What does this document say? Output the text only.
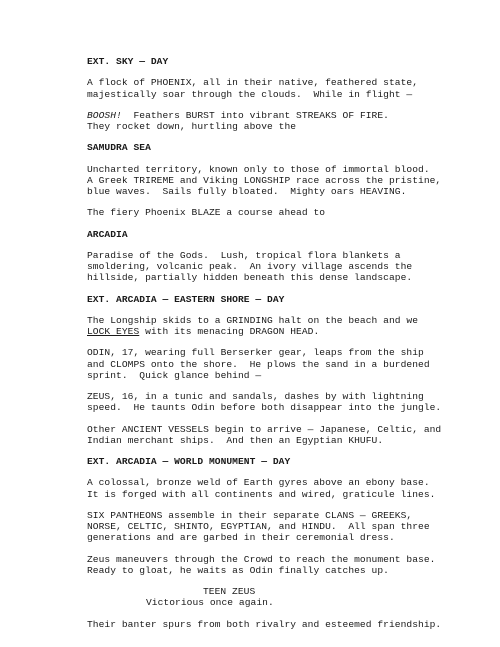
EXT. SKY — DAY
A flock of PHOENIX, all in their native, feathered state,
majestically soar through the clouds.  While in flight —
BOOSH!  Feathers BURST into vibrant STREAKS OF FIRE.
They rocket down, hurtling above the
SAMUDRA SEA
Uncharted territory, known only to those of immortal blood.
A Greek TRIREME and Viking LONGSHIP race across the pristine,
blue waves.  Sails fully bloated.  Mighty oars HEAVING.
The fiery Phoenix BLAZE a course ahead to
ARCADIA
Paradise of the Gods.  Lush, tropical flora blankets a
smoldering, volcanic peak.  An ivory village ascends the
hillside, partially hidden beneath this dense landscape.
EXT. ARCADIA — EASTERN SHORE — DAY
The Longship skids to a GRINDING halt on the beach and we
LOCK EYES with its menacing DRAGON HEAD.
ODIN, 17, wearing full Berserker gear, leaps from the ship
and CLOMPS onto the shore.  He plows the sand in a burdened
sprint.  Quick glance behind —
ZEUS, 16, in a tunic and sandals, dashes by with lightning
speed.  He taunts Odin before both disappear into the jungle.
Other ANCIENT VESSELS begin to arrive — Japanese, Celtic, and
Indian merchant ships.  And then an Egyptian KHUFU.
EXT. ARCADIA — WORLD MONUMENT — DAY
A colossal, bronze weld of Earth gyres above an ebony base.
It is forged with all continents and wired, graticule lines.
SIX PANTHEONS assemble in their separate CLANS — GREEKS,
NORSE, CELTIC, SHINTO, EGYPTIAN, and HINDU.  All span three
generations and are garbed in their ceremonial dress.
Zeus maneuvers through the Crowd to reach the monument base.
Ready to gloat, he waits as Odin finally catches up.
TEEN ZEUS
Victorious once again.
Their banter spurs from both rivalry and esteemed friendship.
